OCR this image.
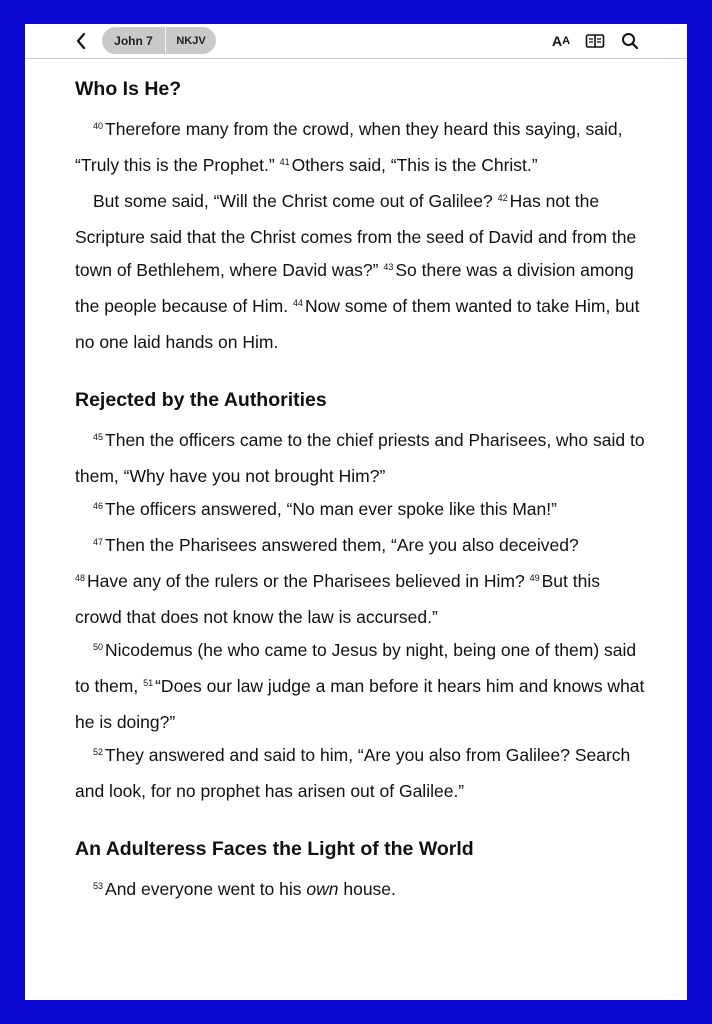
John 7	NKJV	A A
Who Is He?

$^{40}$ Therefore many from the crowd, when they heard this saying, said, “Truly this is the Prophet.” $^{41}$ Others said, “This is the Christ.”

But some said, “Will the Christ come out of Galilee? $^{42}$ Has not the Scripture said that the Christ comes from the seed of David and from the town of Bethlehem, where David was?” $^{43}$ So there was a division among the people because of Him. $^{44}$ Now some of them wanted to take Him, but no one laid hands on Him.

Rejected by the Authorities

$^{45}$ Then the officers came to the chief priests and Pharisees, who said to them, “Why have you not brought Him?”

$^{46}$ The officers answered, “No man ever spoke like this Man!”

$^{47}$ Then the Pharisees answered them, “Are you also deceived?

$^{48}$ Have any of the rulers or the Pharisees believed in Him? $^{49}$ But this crowd that does not know the law is accursed.”

$^{50}$ Nicodemus (he who came to Jesus by night, being one of them) said to them, $^{51}$ “Does our law judge a man before it hears him and knows what he is doing?”

$^{52}$ They answered and said to him, “Are you also from Galilee? Search and look, for no prophet has arisen out of Galilee.”

An Adulteress Faces the Light of the World

$^{53}$ And everyone went to his own house.
